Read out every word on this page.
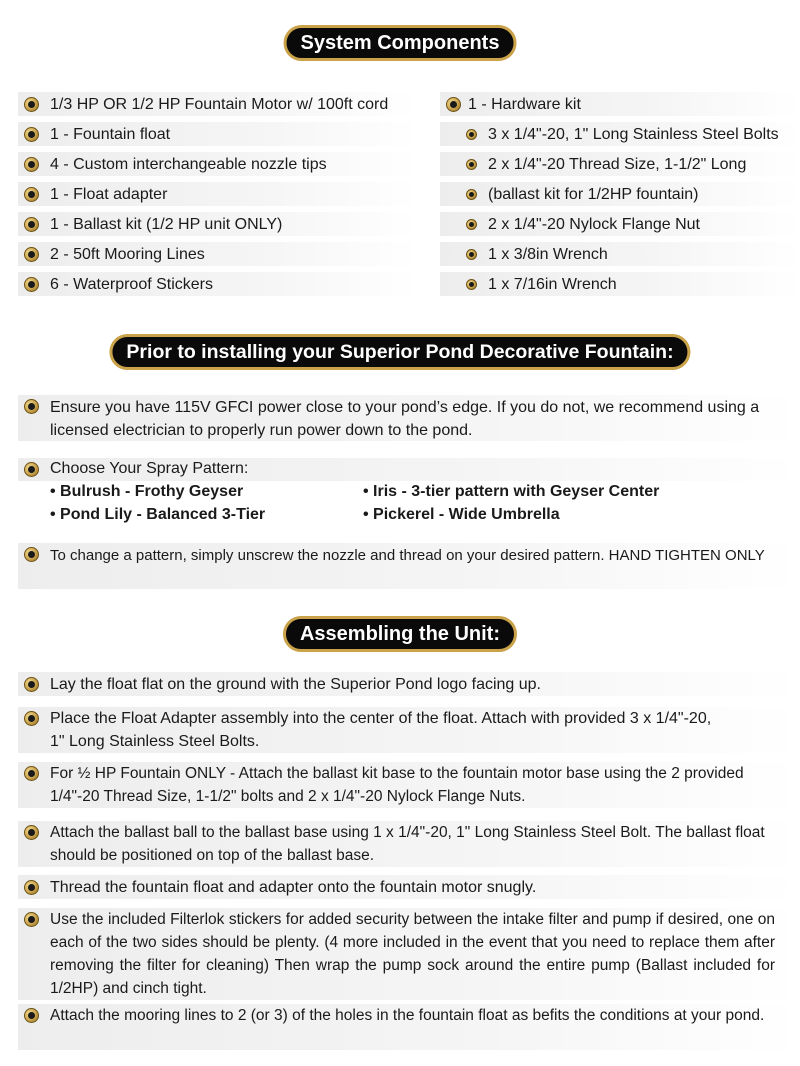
System Components
1/3 HP OR 1/2 HP Fountain Motor w/ 100ft cord
1 - Fountain float
4 - Custom interchangeable nozzle tips
1 - Float adapter
1 - Ballast kit (1/2 HP unit ONLY)
2 - 50ft Mooring Lines
6 - Waterproof Stickers
1 - Hardware kit
3 x 1/4"-20, 1" Long Stainless Steel Bolts
2 x 1/4"-20 Thread Size, 1-1/2" Long
(ballast kit for 1/2HP fountain)
2 x 1/4"-20 Nylock Flange Nut
1 x 3/8in Wrench
1 x 7/16in Wrench
Prior to installing your Superior Pond Decorative Fountain:
Ensure you have 115V GFCI power close to your pond’s edge. If you do not, we recommend using a licensed electrician to properly run power down to the pond.
Choose Your Spray Pattern:
• Bulrush - Frothy Geyser	• Iris - 3-tier pattern with Geyser Center
• Pond Lily - Balanced 3-Tier	• Pickerel - Wide Umbrella
To change a pattern, simply unscrew the nozzle and thread on your desired pattern. HAND TIGHTEN ONLY
Assembling the Unit:
Lay the float flat on the ground with the Superior Pond logo facing up.
Place the Float Adapter assembly into the center of the float. Attach with provided 3 x 1/4"-20, 1" Long Stainless Steel Bolts.
For ½ HP Fountain ONLY - Attach the ballast kit base to the fountain motor base using the 2 provided 1/4"-20 Thread Size, 1-1/2" bolts and 2 x 1/4"-20 Nylock Flange Nuts.
Attach the ballast ball to the ballast base using 1 x 1/4"-20, 1" Long Stainless Steel Bolt. The ballast float should be positioned on top of the ballast base.
Thread the fountain float and adapter onto the fountain motor snugly.
Use the included Filterlok stickers for added security between the intake filter and pump if desired, one on each of the two sides should be plenty. (4 more included in the event that you need to replace them after removing the filter for cleaning) Then wrap the pump sock around the entire pump (Ballast included for 1/2HP) and cinch tight.
Attach the mooring lines to 2 (or 3) of the holes in the fountain float as befits the conditions at your pond.
